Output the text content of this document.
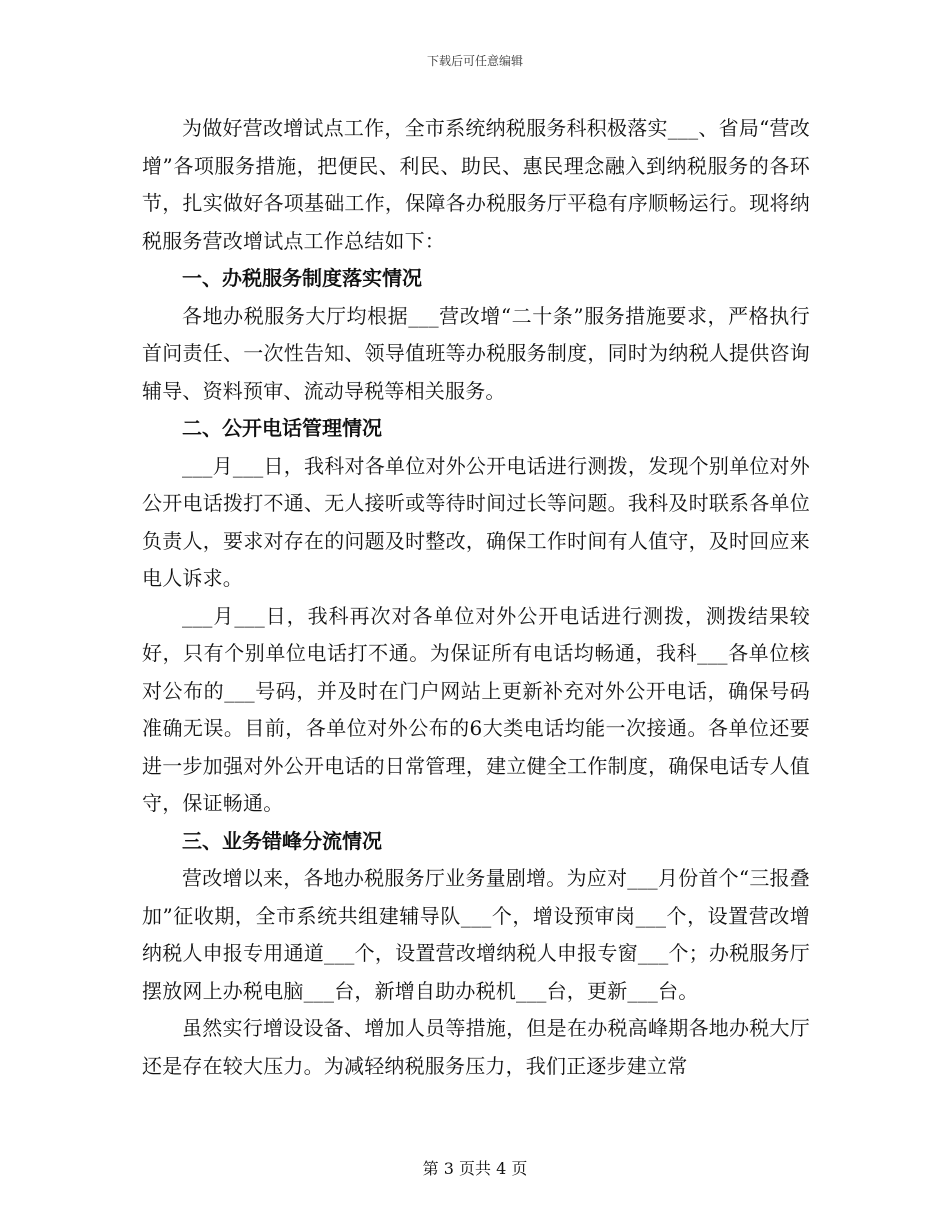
下载后可任意编辑

为做好营改增试点工作，全市系统纳税服务科积极落实___、省局“营改增”各项服务措施，把便民、利民、助民、惠民理念融入到纳税服务的各环节，扎实做好各项基础工作，保障各办税服务厅平稳有序顺畅运行。现将纳税服务营改增试点工作总结如下：

一、办税服务制度落实情况

各地办税服务大厅均根据___营改增“二十条”服务措施要求，严格执行首问责任、一次性告知、领导值班等办税服务制度，同时为纳税人提供咨询辅导、资料预审、流动导税等相关服务。

二、公开电话管理情况

___月___日，我科对各单位对外公开电话进行测拨，发现个别单位对外公开电话拨打不通、无人接听或等待时间过长等问题。我科及时联系各单位负责人，要求对存在的问题及时整改，确保工作时间有人值守，及时回应来电人诉求。

___月___日，我科再次对各单位对外公开电话进行测拨，测拨结果较好，只有个别单位电话打不通。为保证所有电话均畅通，我科___各单位核对公布的___号码，并及时在门户网站上更新补充对外公开电话，确保号码准确无误。目前，各单位对外公布的6大类电话均能一次接通。各单位还要进一步加强对外公开电话的日常管理，建立健全工作制度，确保电话专人值守，保证畅通。

三、业务错峰分流情况

营改增以来，各地办税服务厅业务量剧增。为应对___月份首个“三报叠加”征收期，全市系统共组建辅导队___个，增设预审岗___个，设置营改增纳税人申报专用通道___个，设置营改增纳税人申报专窗___个；办税服务厅摆放网上办税电脑___台，新增自助办税机___台，更新___台。

虽然实行增设设备、增加人员等措施，但是在办税高峰期各地办税大厅还是存在较大压力。为减轻纳税服务压力，我们正逐步建立常

第 3 页共 4 页
